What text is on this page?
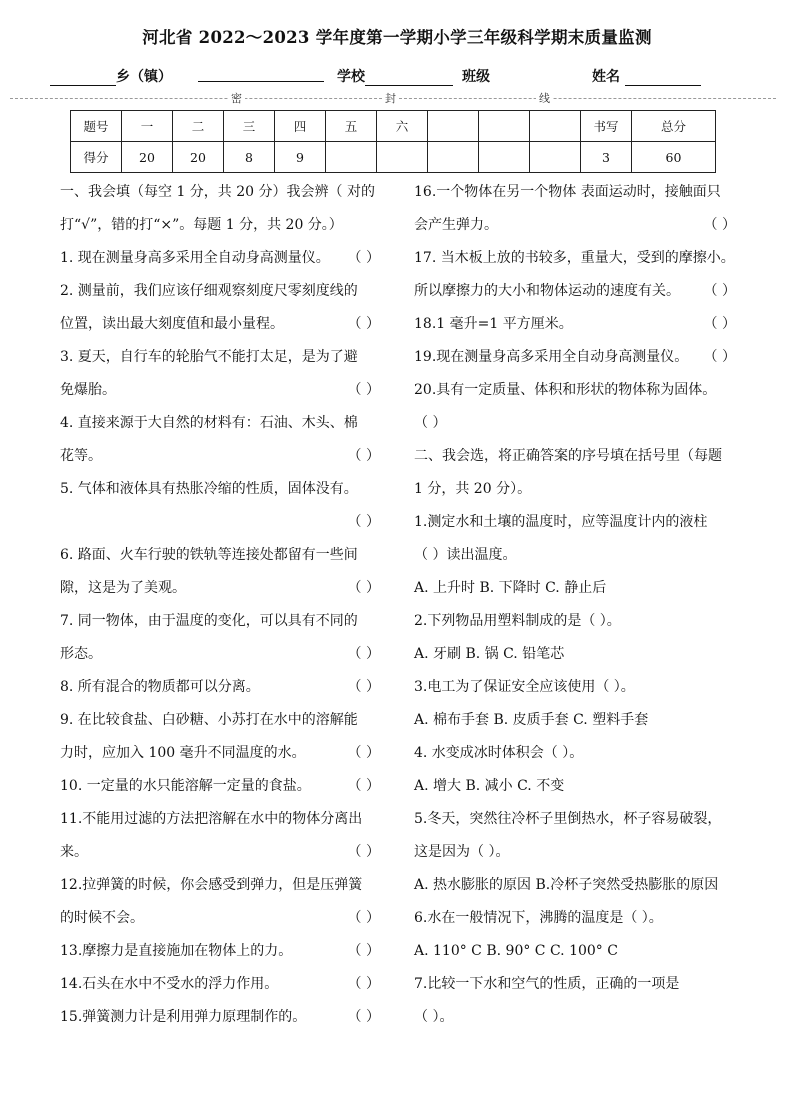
河北省 2022～2023 学年度第一学期小学三年级科学期末质量监测
乡（镇）	学校	班级	姓名
密	封	线
题号	一	二	三	四	五	六				书写	总分
得分	20	20	8	9						3	60
一、我会填（每空 1 分，共 20 分）我会辨（ 对的
打“√”，错的打“×”。每题 1 分，共 20 分。）
1. 现在测量身高多采用全自动身高测量仪。 （ ）
2. 测量前，我们应该仔细观察刻度尺零刻度线的
位置，读出最大刻度值和最小量程。	（ ）
3. 夏天，自行车的轮胎气不能打太足，是为了避
免爆胎。	（ ）
4. 直接来源于大自然的材料有：石油、木头、棉
花等。	（ ）
5. 气体和液体具有热胀冷缩的性质，固体没有。
（ ）
6. 路面、火车行驶的铁轨等连接处都留有一些间
隙，这是为了美观。	（ ）
7. 同一物体，由于温度的变化，可以具有不同的
形态。	（ ）
8. 所有混合的物质都可以分离。	（ ）
9. 在比较食盐、白砂糖、小苏打在水中的溶解能
力时，应加入 100 毫升不同温度的水。	（ ）
10. 一定量的水只能溶解一定量的食盐。	（ ）
11.不能用过滤的方法把溶解在水中的物体分离出
来。	（ ）
12.拉弹簧的时候，你会感受到弹力，但是压弹簧
的时候不会。	（ ）
13.摩擦力是直接施加在物体上的力。	（ ）
14.石头在水中不受水的浮力作用。	（ ）
15.弹簧测力计是利用弹力原理制作的。	（ ）
16.一个物体在另一个物体 表面运动时，接触面只
会产生弹力。	（ ）
17. 当木板上放的书较多，重量大，受到的摩擦小。
所以摩擦力的大小和物体运动的速度有关。 （ ）
18.1 毫升=1 平方厘米。	（ ）
19.现在测量身高多采用全自动身高测量仪。 （ ）
20.具有一定质量、体积和形状的物体称为固体。
（ ）
二、我会选，将正确答案的序号填在括号里（每题
1 分，共 20 分）。
1.测定水和土壤的温度时，应等温度计内的液柱
（ ）读出温度。
A. 上升时 B. 下降时 C. 静止后
2.下列物品用塑料制成的是（ ）。
A. 牙刷 B. 锅 C. 铅笔芯
3.电工为了保证安全应该使用（ ）。
A. 棉布手套 B. 皮质手套 C. 塑料手套
4. 水变成冰时体积会（ ）。
A. 增大 B. 减小 C. 不变
5.冬天，突然往冷杯子里倒热水，杯子容易破裂，
这是因为（ ）。
A. 热水膨胀的原因 B.冷杯子突然受热膨胀的原因
6.水在一般情况下，沸腾的温度是（ ）。
A. 110° C B. 90° C C. 100° C
7.比较一下水和空气的性质，正确的一项是
（ ）。
